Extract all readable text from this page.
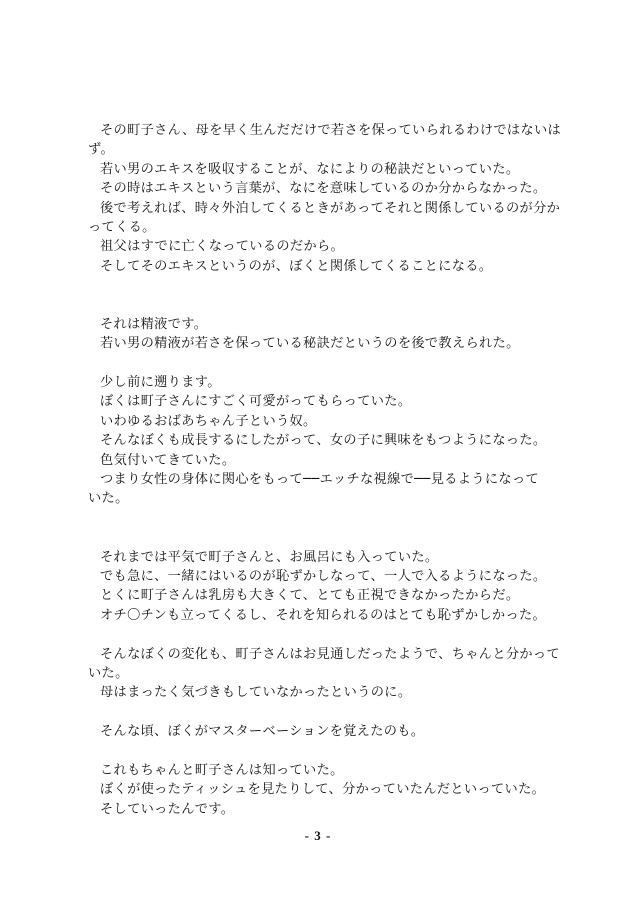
その町子さん、母を早く生んだだけで若さを保っていられるわけではないは
ず。
若い男のエキスを吸収することが、なによりの秘訣だといっていた。
その時はエキスという言葉が、なにを意味しているのか分からなかった。
後で考えれば、時々外泊してくるときがあってそれと関係しているのが分か
ってくる。
祖父はすでに亡くなっているのだから。
そしてそのエキスというのが、ぼくと関係してくることになる。
それは精液です。
若い男の精液が若さを保っている秘訣だというのを後で教えられた。
少し前に遡ります。
ぼくは町子さんにすごく可愛がってもらっていた。
いわゆるおばあちゃん子という奴。
そんなぼくも成長するにしたがって、女の子に興味をもつようになった。
色気付いてきていた。
つまり女性の身体に関心をもって──エッチな視線で──見るようになって
いた。
それまでは平気で町子さんと、お風呂にも入っていた。
でも急に、一緒にはいるのが恥ずかしなって、一人で入るようになった。
とくに町子さんは乳房も大きくて、とても正視できなかったからだ。
オチ〇チンも立ってくるし、それを知られるのはとても恥ずかしかった。
そんなぼくの変化も、町子さんはお見通しだったようで、ちゃんと分かって
いた。
母はまったく気づきもしていなかったというのに。
そんな頃、ぼくがマスターベーションを覚えたのも。
これもちゃんと町子さんは知っていた。
ぼくが使ったティッシュを見たりして、分かっていたんだといっていた。
そしていったんです。
- 3 -
